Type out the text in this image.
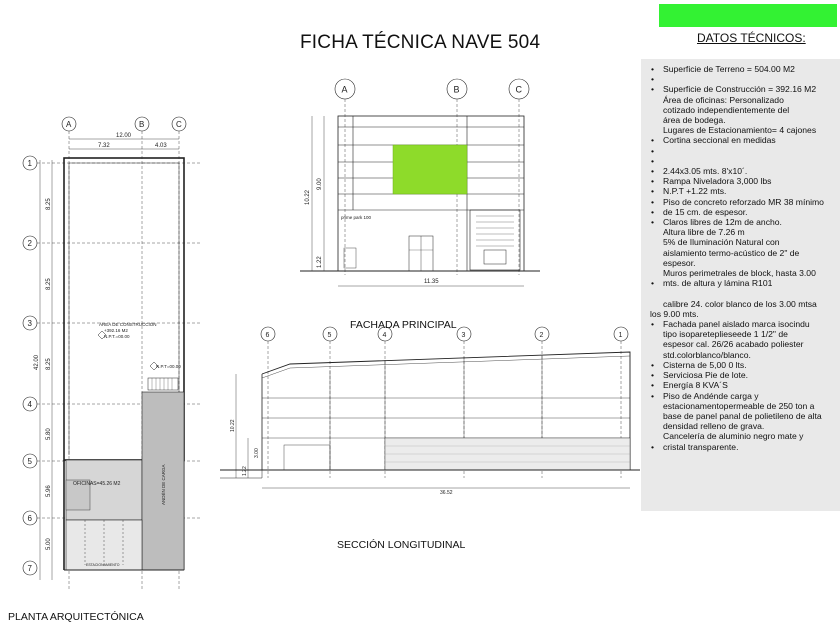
FICHA TÉCNICA NAVE 504	DATOS TÉCNICOS:
• Superficie de Terreno = 504.00 M2
•

• Superficie de Construcción = 392.16 M2
Área de oficinas: Personalizado
cotizado independientemente del
área de bodega.
Lugares de Estacionamiento= 4 cajones
• Cortina seccional en medidas
•

•

• 2.44x3.05 mts. 8'x10´.
• Rampa Niveladora 3,000 lbs
• N.P.T +1.22 mts.
• Piso de concreto reforzado MR 38 mínimo
• de 15 cm. de espesor.
• Claros libres de 12m de ancho.
Altura libre de 7.26 m
5% de Iluminación Natural con
aislamiento termo-acústico de 2" de
espesor.
Muros perimetrales de block, hasta 3.00
• mts. de altura y lámina R101

calibre 24. color blanco de los 3.00 mtsa
los 9.00 mts.
• Fachada panel aislado marca isocindu
tipo isopareteplieseede 1 1/2" de
espesor cal. 26/26 acabado poliester
std.colorblanco/blanco.
• Cisterna de 5,00 0 lts.
• Serviciosa Pie de lote.
• Energía 8 KVA´S
• Piso de Andénde carga y
estacionamentopermeable de 250 ton a
base de panel panal de polietileno de alta
densidad relleno de grava.
Cancelería de aluminio negro mate y
• cristal transparente.
A	B	C
12.00
7.32	4.03
1
2
3
4
5
6
7
8.25
8.25
42.00 8.25
5.80
5.96
5.00
ÁREA DE CONSTRUCCIÓN
+392.16 M2
N.P.T.=00.00
N.P.T=00.00
OFICINAS=45.26 M2	ANDÉN DE CARGA
ESTACIONAMIENTO
A	B	C
10.22
9.00
1.22
11.35
prime park 100
6	5	4	3	2	1
10.22
1.22
3.00
36.52
FACHADA PRINCIPAL
SECCIÓN LONGITUDINAL
PLANTA ARQUITECTÓNICA
